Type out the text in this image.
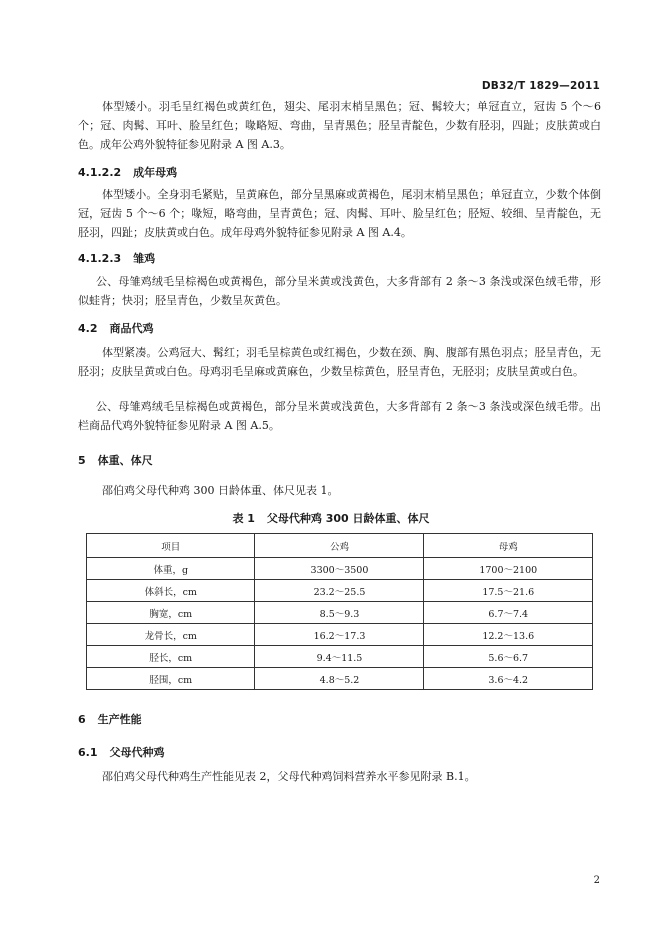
DB32/T 1829—2011

体型矮小。羽毛呈红褐色或黄红色，翅尖、尾羽末梢呈黑色；冠、髯较大；单冠直立，冠齿 5 个～6 个；冠、肉髯、耳叶、脸呈红色；喙略短、弯曲，呈青黑色；胫呈青靛色，少数有胫羽，四趾；皮肤黄或白色。成年公鸡外貌特征参见附录 A 图 A.3。

4.1.2.2 成年母鸡

体型矮小。全身羽毛紧贴，呈黄麻色，部分呈黑麻或黄褐色，尾羽末梢呈黑色；单冠直立，少数个体倒冠，冠齿 5 个～6 个；喙短，略弯曲，呈青黄色；冠、肉髯、耳叶、脸呈红色；胫短、较细、呈青靛色，无胫羽，四趾；皮肤黄或白色。成年母鸡外貌特征参见附录 A 图 A.4。

4.1.2.3 雏鸡

公、母雏鸡绒毛呈棕褐色或黄褐色，部分呈米黄或浅黄色，大多背部有 2 条～3 条浅或深色绒毛带，形似蛙背；快羽；胫呈青色，少数呈灰黄色。

4.2 商品代鸡

体型紧凑。公鸡冠大、髯红；羽毛呈棕黄色或红褐色，少数在颈、胸、腹部有黑色羽点；胫呈青色，无胫羽；皮肤呈黄或白色。母鸡羽毛呈麻或黄麻色，少数呈棕黄色，胫呈青色，无胫羽；皮肤呈黄或白色。

公、母雏鸡绒毛呈棕褐色或黄褐色，部分呈米黄或浅黄色，大多背部有 2 条～3 条浅或深色绒毛带。出栏商品代鸡外貌特征参见附录 A 图 A.5。

5 体重、体尺

邵伯鸡父母代种鸡 300 日龄体重、体尺见表 1。

表 1 父母代种鸡 300 日龄体重、体尺
项目	公鸡	母鸡
体重，g	3300～3500	1700～2100
体斜长，cm	23.2～25.5	17.5～21.6
胸宽，cm	8.5～9.3	6.7～7.4
龙骨长，cm	16.2～17.3	12.2～13.6
胫长，cm	9.4～11.5	5.6～6.7
胫围，cm	4.8～5.2	3.6～4.2
6 生产性能
6.1 父母代种鸡

邵伯鸡父母代种鸡生产性能见表 2，父母代种鸡饲料营养水平参见附录 B.1。

2
